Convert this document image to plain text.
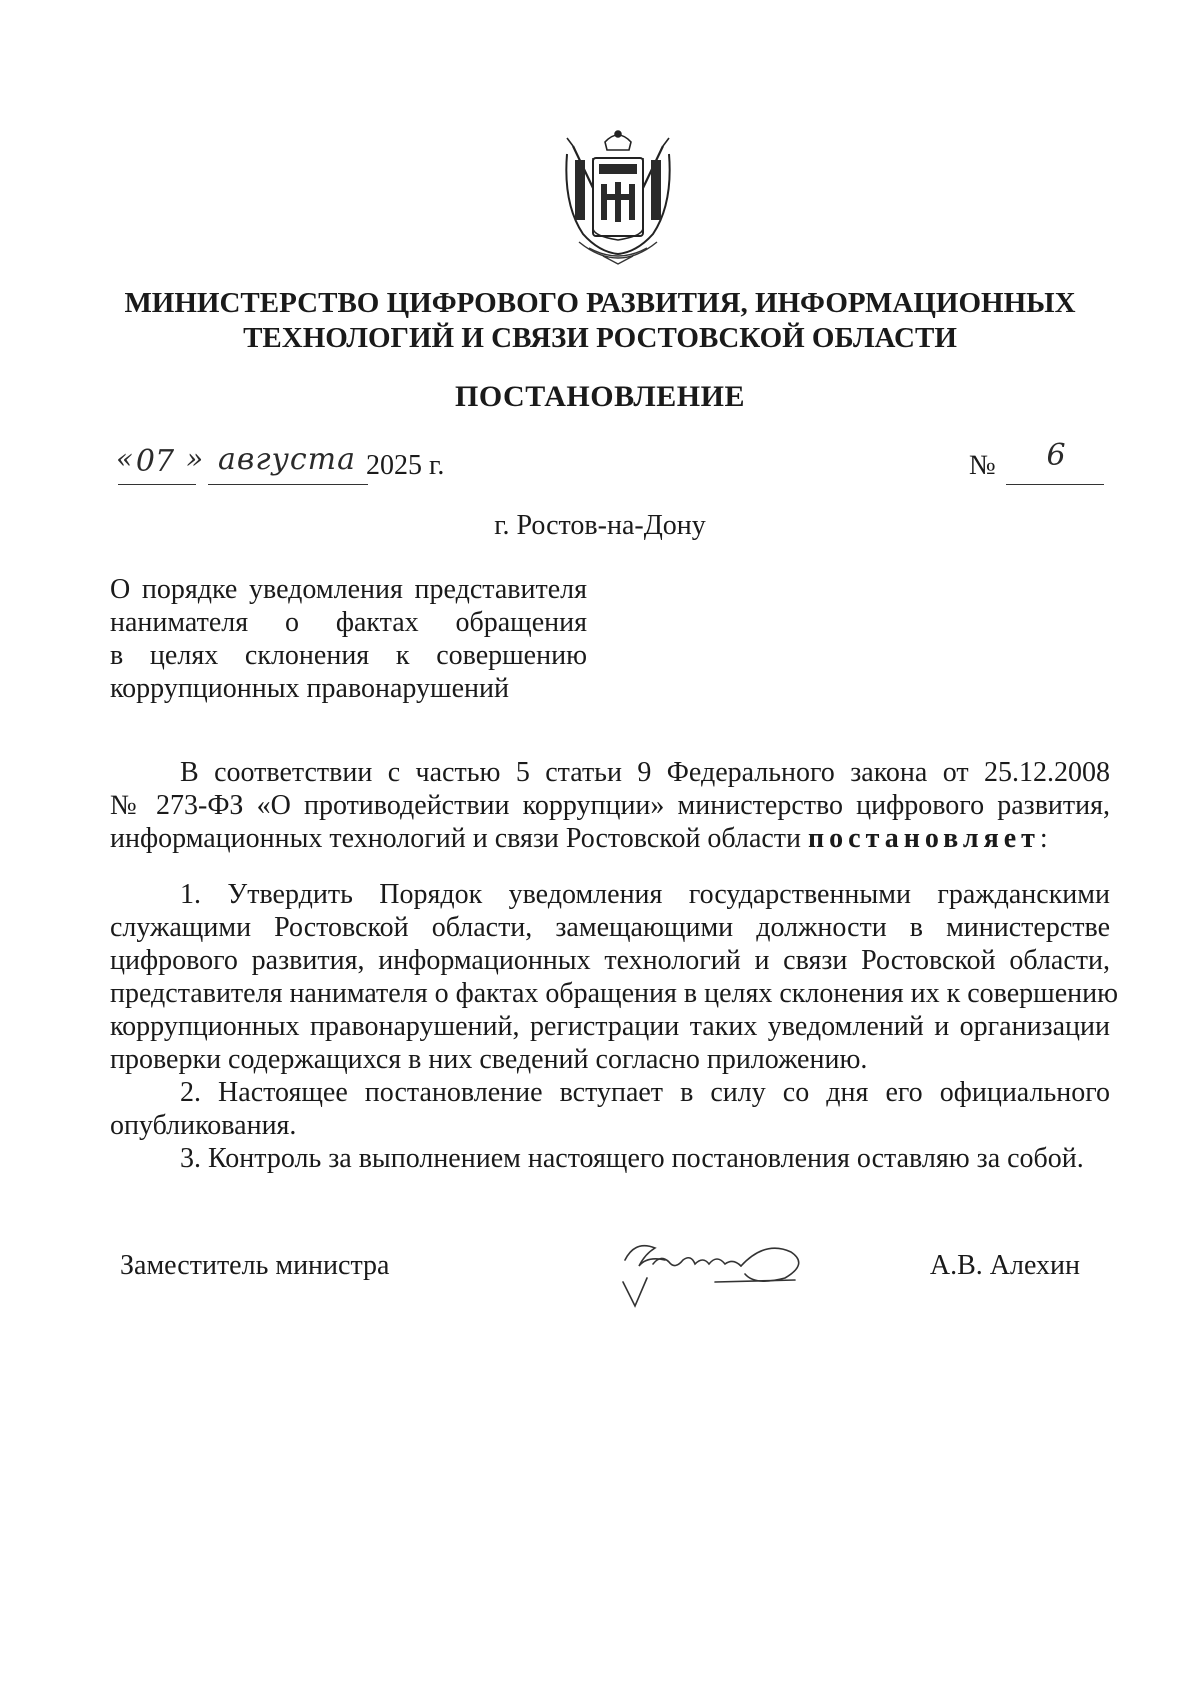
МИНИСТЕРСТВО ЦИФРОВОГО РАЗВИТИЯ, ИНФОРМАЦИОННЫХ
ТЕХНОЛОГИЙ И СВЯЗИ РОСТОВСКОЙ ОБЛАСТИ
ПОСТАНОВЛЕНИЕ
« 07 » августа 2025 г.	№	6
г. Ростов-на-Дону
О порядке уведомления представителя
нанимателя о фактах обращения
в целях склонения к совершению
коррупционных правонарушений
В соответствии с частью 5 статьи 9 Федерального закона от 25.12.2008
№ 273-ФЗ «О противодействии коррупции» министерство цифрового развития,
информационных технологий и связи Ростовской области постановляет:
1. Утвердить Порядок уведомления государственными гражданскими
служащими Ростовской области, замещающими должности в министерстве
цифрового развития, информационных технологий и связи Ростовской области,
представителя нанимателя о фактах обращения в целях склонения их к совершению
коррупционных правонарушений, регистрации таких уведомлений и организации
проверки содержащихся в них сведений согласно приложению.
2. Настоящее постановление вступает в силу со дня его официального
опубликования.
3. Контроль за выполнением настоящего постановления оставляю за собой.
Заместитель министра	А.В. Алехин
